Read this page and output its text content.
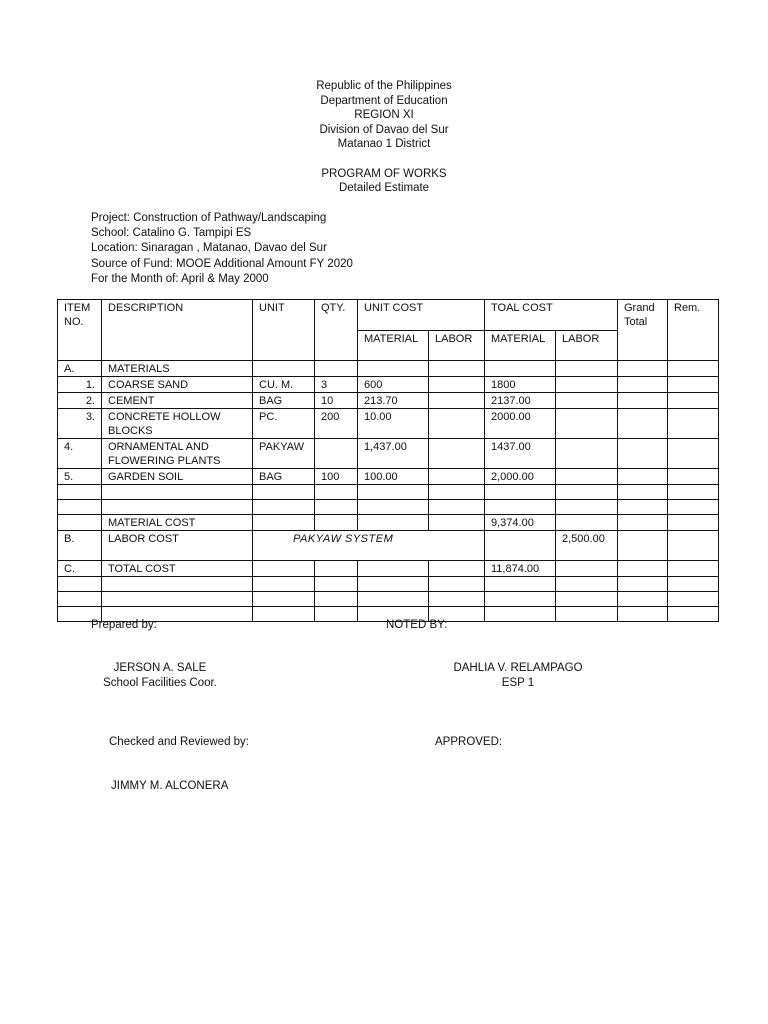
Republic of the Philippines
Department of Education
REGION XI
Division of Davao del Sur
Matanao 1 District
PROGRAM OF WORKS
Detailed Estimate
Project: Construction of Pathway/Landscaping
School: Catalino G. Tampipi ES
Location: Sinaragan , Matanao, Davao del Sur
Source of Fund: MOOE Additional Amount FY 2020
For the Month of: April & May 2000
ITEM NO.	DESCRIPTION	UNIT	QTY.	UNIT COST		TOAL COST		Grand Total	Rem.
				MATERIAL	LABOR	MATERIAL	LABOR		
A.	MATERIALS								
1.	COARSE SAND	CU. M.	3	600		1800			
2.	CEMENT	BAG	10	213.70		2137.00			
3.	CONCRETE HOLLOW BLOCKS	PC.	200	10.00		2000.00			
4.	ORNAMENTAL AND FLOWERING PLANTS	PAKYAW		1,437.00		1437.00			
5.	GARDEN SOIL	BAG	100	100.00		2,000.00			

	MATERIAL COST					9,374.00			
B.	LABOR COST	PAKYAW SYSTEM					2,500.00		
C.	TOTAL COST					11,874.00			

Prepared by:	NOTED BY:
JERSON A. SALE
School Facilities Coor.
DAHLIA V. RELAMPAGO
ESP 1
Checked and Reviewed by:	APPROVED:
JIMMY M. ALCONERA
